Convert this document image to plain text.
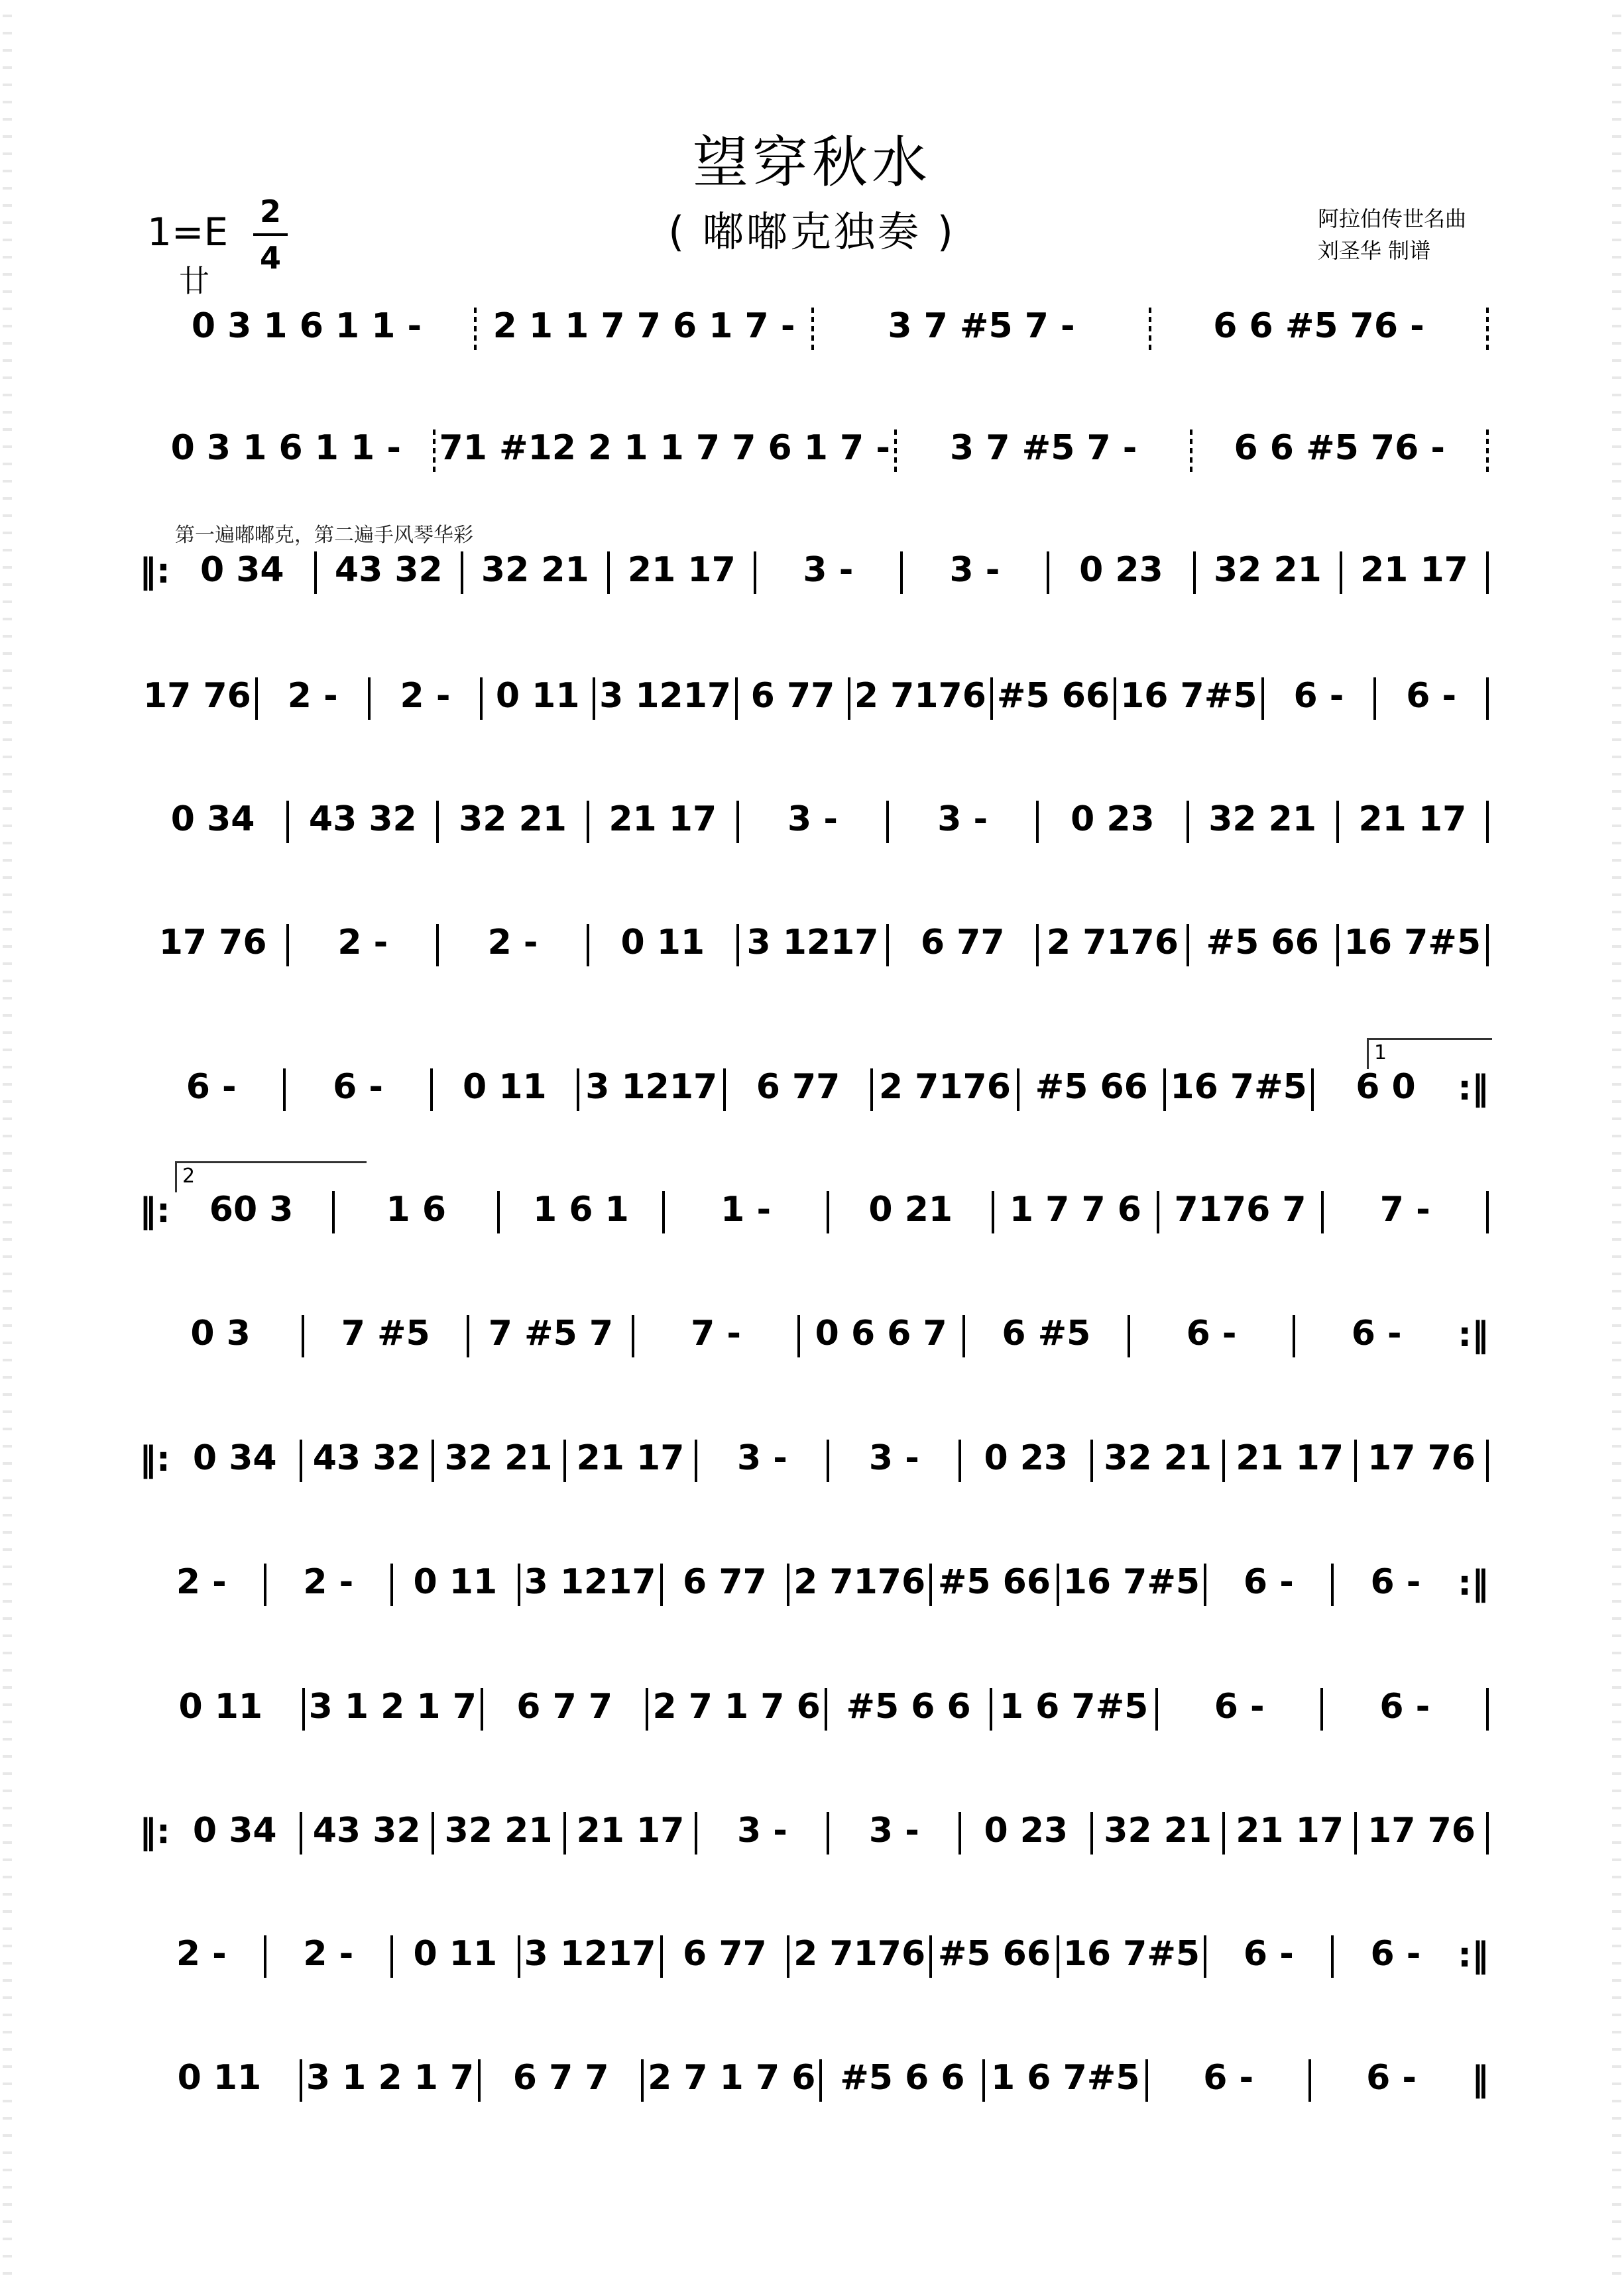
望穿秋水
( 嘟嘟克独奏 )
1=E
廿
2
4
阿拉伯传世名曲
刘圣华 制谱
第一遍嘟嘟克，第二遍手风琴华彩
1
2
0 3 1 6 1 1 - 2 1 1 7 7 6 1 7 -	3 7 #5 7 -	6 6 #5 76 -
0 3 1 6 1 1 - 71 #12 2 1 1 7 7 6 1 7 - 3 7 #5 7 -	6 6 #5 76 -
‖: 0 34 43 32 32 21 21 17 3 -	3 - 0 23 32 21 21 17
17 76 2 - 2 - 0 11 3 1217 6 77 2 7176 #5 66 16 7#5 6 - 6 -
0 34 43 32 32 21 21 17 3 -	3 - 0 23 32 21 21 17
17 76 2 -	2 - 0 11 3 1217 6 77 2 7176 #5 66 16 7#5
6 -	6 - 0 11 3 1217 6 77 2 7176 #5 66 16 7#5 6 0 :‖
‖: 60 3	1 6	1 6 1	1 -	0 21 1 7 7 6 7176 7 7 -
0 3	7 #5 7 #5 7 7 - 0 6 6 7 6 #5	6 -	6 - :‖
‖: 0 34 43 32 32 21 21 17 3 - 3 - 0 23 32 21 21 17 17 76
2 - 2 - 0 11 3 1217 6 77 2 7176 #5 66 16 7#5 6 - 6 - :‖
0 11 3 1 2 1 7 6 7 7 2 7 1 7 6 #5 6 6 1 6 7#5 6 -	6 -
‖: 0 34 43 32 32 21 21 17 3 - 3 - 0 23 32 21 21 17 17 76
2 - 2 - 0 11 3 1217 6 77 2 7176 #5 66 16 7#5 6 - 6 - :‖
0 11 3 1 2 1 7 6 7 7 2 7 1 7 6 #5 6 6 1 6 7#5 6 -	6 - ‖
